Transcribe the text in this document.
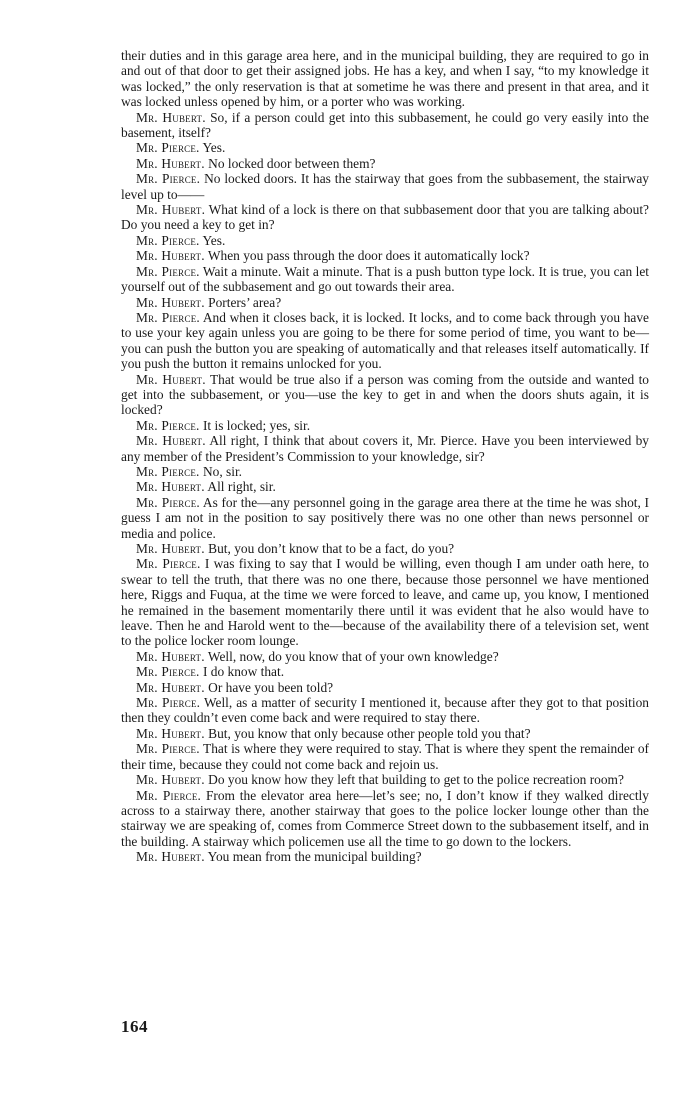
their duties and in this garage area here, and in the municipal building, they are required to go in and out of that door to get their assigned jobs. He has a key, and when I say, “to my knowledge it was locked,” the only reservation is that at sometime he was there and present in that area, and it was locked unless opened by him, or a porter who was working.

Mr. Hubert. So, if a person could get into this subbasement, he could go very easily into the basement, itself?

Mr. Pierce. Yes.

Mr. Hubert. No locked door between them?

Mr. Pierce. No locked doors. It has the stairway that goes from the subbasement, the stairway level up to——

Mr. Hubert. What kind of a lock is there on that subbasement door that you are talking about? Do you need a key to get in?

Mr. Pierce. Yes.

Mr. Hubert. When you pass through the door does it automatically lock?

Mr. Pierce. Wait a minute. Wait a minute. That is a push button type lock. It is true, you can let yourself out of the subbasement and go out towards their area.

Mr. Hubert. Porters’ area?

Mr. Pierce. And when it closes back, it is locked. It locks, and to come back through you have to use your key again unless you are going to be there for some period of time, you want to be—you can push the button you are speaking of automatically and that releases itself automatically. If you push the button it remains unlocked for you.

Mr. Hubert. That would be true also if a person was coming from the outside and wanted to get into the subbasement, or you—use the key to get in and when the doors shuts again, it is locked?

Mr. Pierce. It is locked; yes, sir.

Mr. Hubert. All right, I think that about covers it, Mr. Pierce. Have you been interviewed by any member of the President’s Commission to your knowledge, sir?

Mr. Pierce. No, sir.

Mr. Hubert. All right, sir.

Mr. Pierce. As for the—any personnel going in the garage area there at the time he was shot, I guess I am not in the position to say positively there was no one other than news personnel or media and police.

Mr. Hubert. But, you don’t know that to be a fact, do you?

Mr. Pierce. I was fixing to say that I would be willing, even though I am under oath here, to swear to tell the truth, that there was no one there, because those personnel we have mentioned here, Riggs and Fuqua, at the time we were forced to leave, and came up, you know, I mentioned he remained in the basement momentarily there until it was evident that he also would have to leave. Then he and Harold went to the—because of the availability there of a television set, went to the police locker room lounge.

Mr. Hubert. Well, now, do you know that of your own knowledge?

Mr. Pierce. I do know that.

Mr. Hubert. Or have you been told?

Mr. Pierce. Well, as a matter of security I mentioned it, because after they got to that position then they couldn’t even come back and were required to stay there.

Mr. Hubert. But, you know that only because other people told you that?

Mr. Pierce. That is where they were required to stay. That is where they spent the remainder of their time, because they could not come back and rejoin us.

Mr. Hubert. Do you know how they left that building to get to the police recreation room?

Mr. Pierce. From the elevator area here—let’s see; no, I don’t know if they walked directly across to a stairway there, another stairway that goes to the police locker lounge other than the stairway we are speaking of, comes from Commerce Street down to the subbasement itself, and in the building. A stairway which policemen use all the time to go down to the lockers.

Mr. Hubert. You mean from the municipal building?

164
